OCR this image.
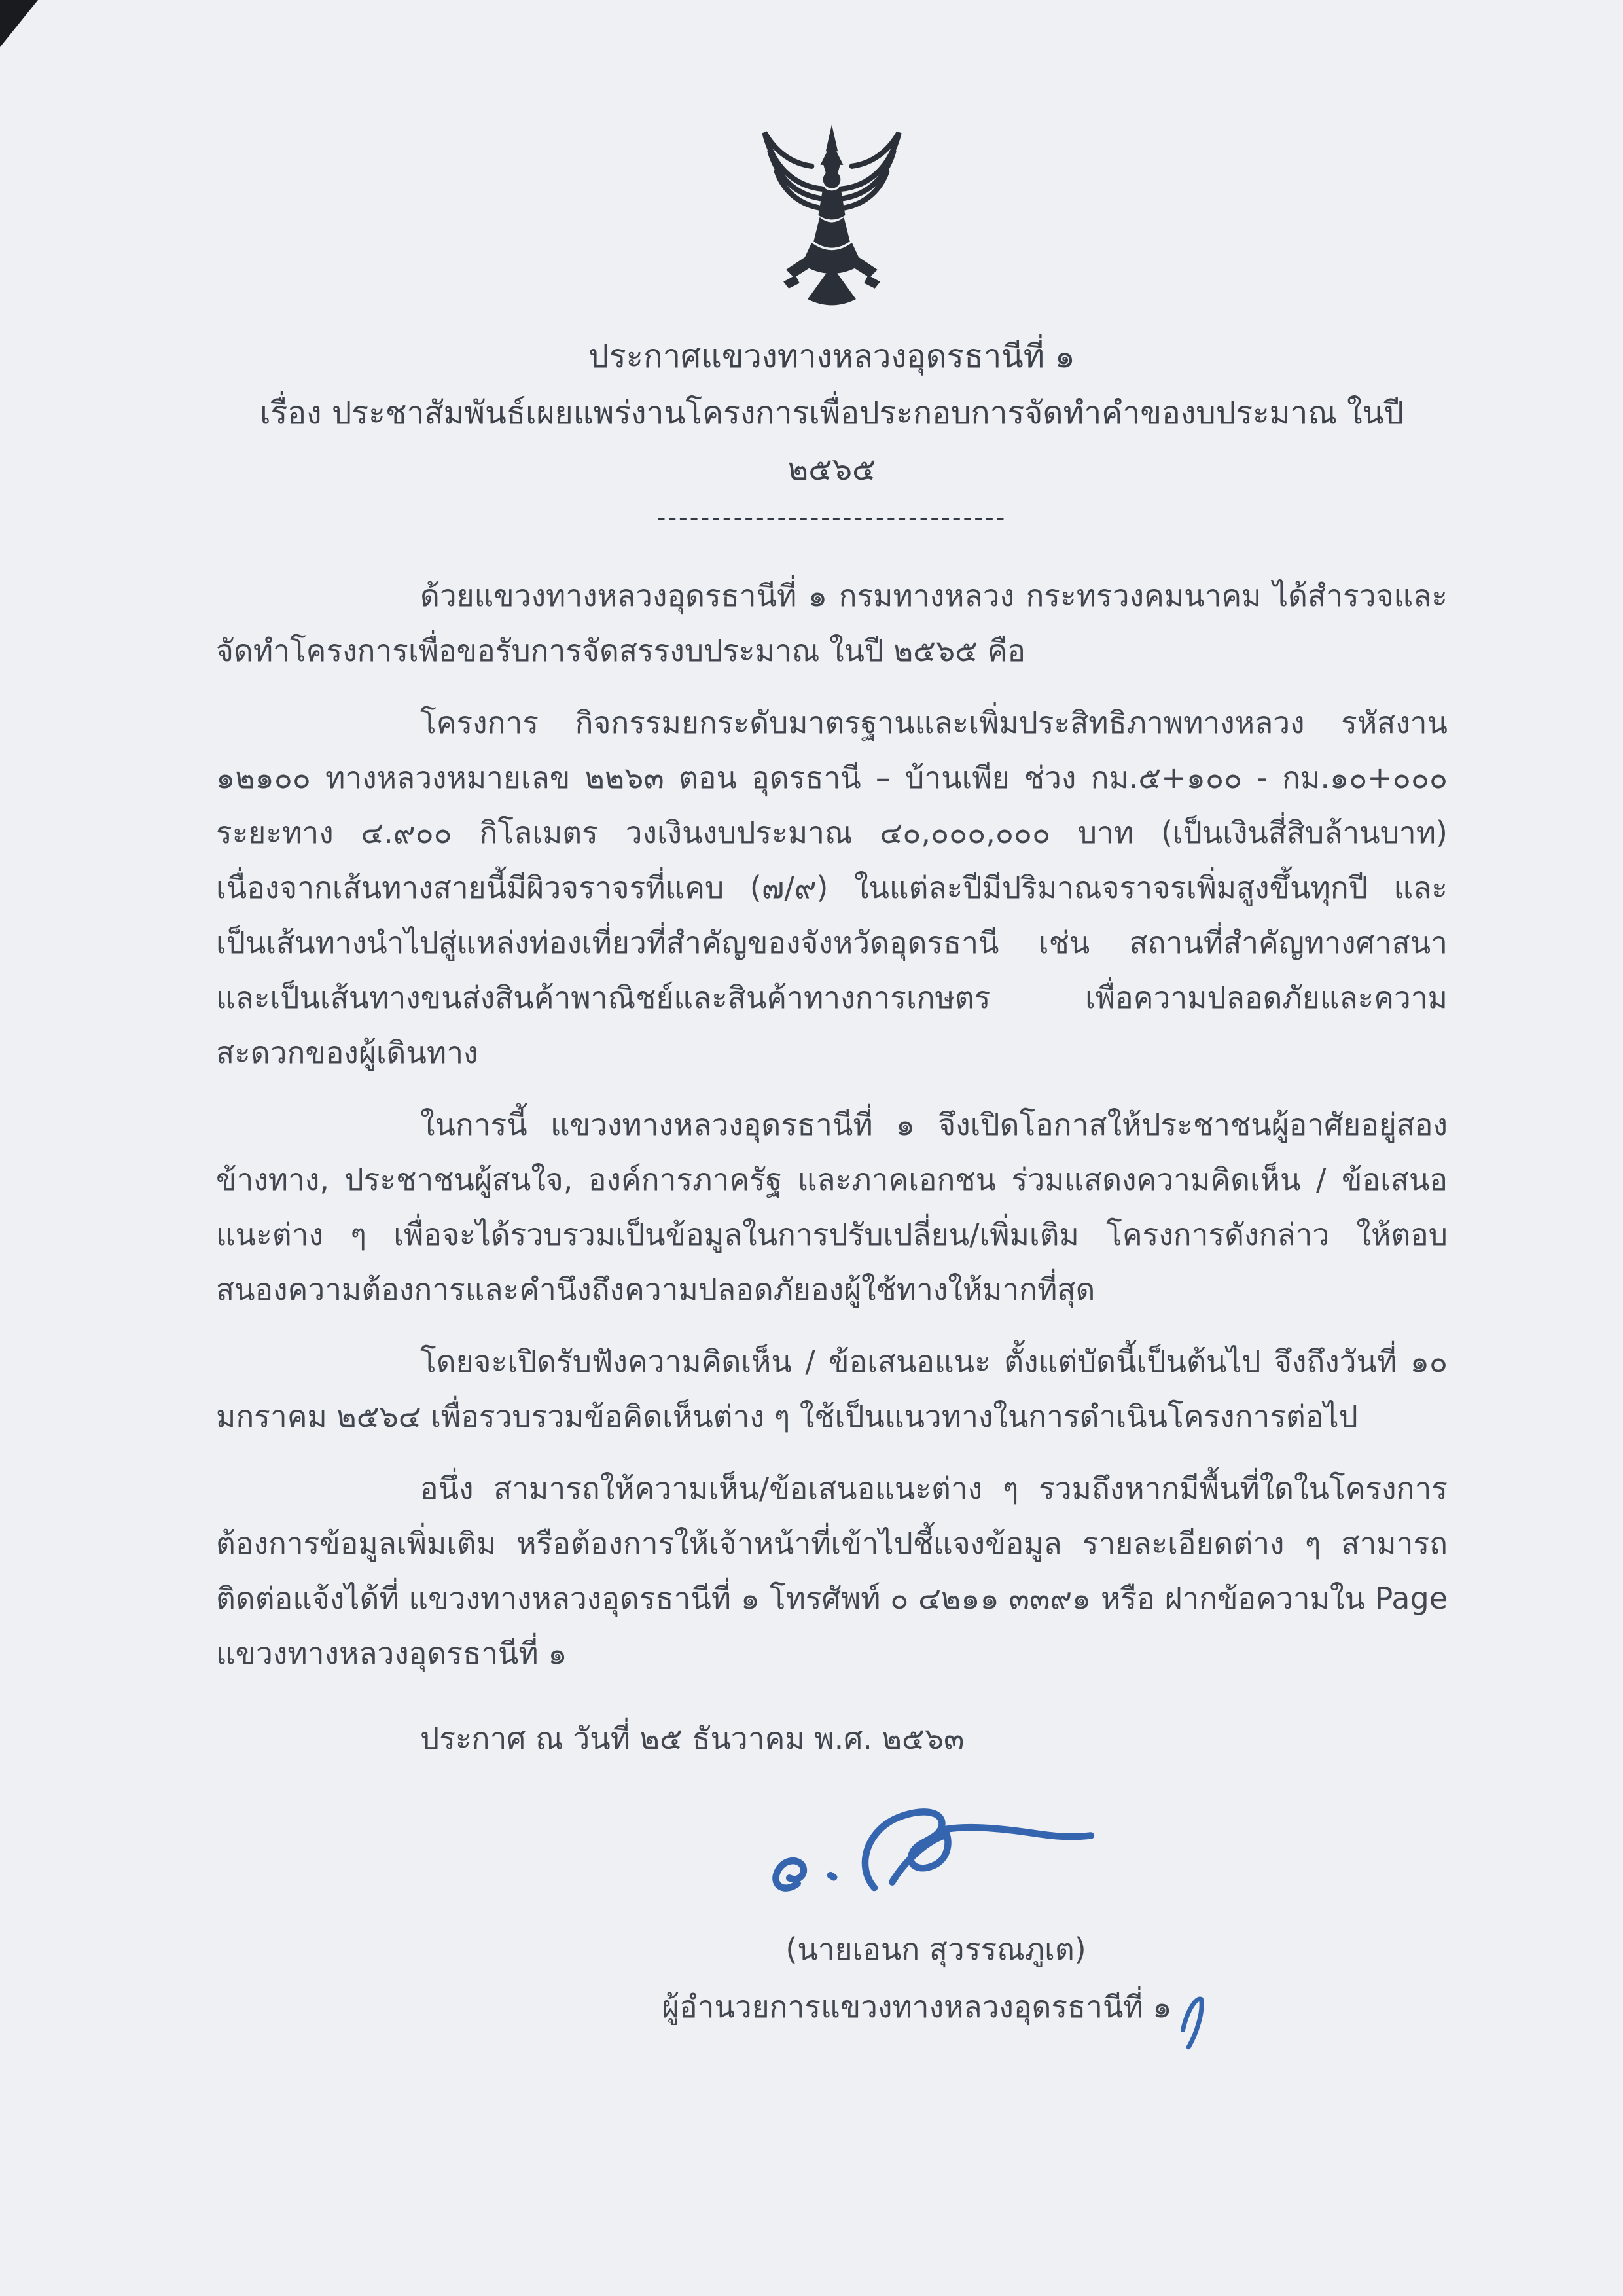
ประกาศแขวงทางหลวงอุดรธานีที่ ๑
เรื่อง ประชาสัมพันธ์เผยแพร่งานโครงการเพื่อประกอบการจัดทำคำของบประมาณ ในปี ๒๕๖๕
--------------------------------

ด้วยแขวงทางหลวงอุดรธานีที่ ๑ กรมทางหลวง กระทรวงคมนาคม ได้สำรวจและจัดทำโครงการเพื่อขอรับการจัดสรรงบประมาณ ในปี ๒๕๖๕ คือ

โครงการ กิจกรรมยกระดับมาตรฐานและเพิ่มประสิทธิภาพทางหลวง รหัสงาน ๑๒๑๐๐ ทางหลวงหมายเลข ๒๒๖๓ ตอน อุดรธานี – บ้านเพีย ช่วง กม.๕+๑๐๐ - กม.๑๐+๐๐๐ ระยะทาง ๔.๙๐๐ กิโลเมตร วงเงินงบประมาณ ๔๐,๐๐๐,๐๐๐ บาท (เป็นเงินสี่สิบล้านบาท) เนื่องจากเส้นทางสายนี้มีผิวจราจรที่แคบ (๗/๙) ในแต่ละปีมีปริมาณจราจรเพิ่มสูงขึ้นทุกปี และเป็นเส้นทางนำไปสู่แหล่งท่องเที่ยวที่สำคัญของจังหวัดอุดรธานี เช่น สถานที่สำคัญทางศาสนา และเป็นเส้นทางขนส่งสินค้าพาณิชย์และสินค้าทางการเกษตร เพื่อความปลอดภัยและความสะดวกของผู้เดินทาง

ในการนี้ แขวงทางหลวงอุดรธานีที่ ๑ จึงเปิดโอกาสให้ประชาชนผู้อาศัยอยู่สองข้างทาง, ประชาชนผู้สนใจ, องค์การภาครัฐ และภาคเอกชน ร่วมแสดงความคิดเห็น / ข้อเสนอแนะต่าง ๆ เพื่อจะได้รวบรวมเป็นข้อมูลในการปรับเปลี่ยน/เพิ่มเติม โครงการดังกล่าว ให้ตอบสนองความต้องการและคำนึงถึงความปลอดภัยองผู้ใช้ทางให้มากที่สุด

โดยจะเปิดรับฟังความคิดเห็น / ข้อเสนอแนะ ตั้งแต่บัดนี้เป็นต้นไป จึงถึงวันที่ ๑๐ มกราคม ๒๕๖๔ เพื่อรวบรวมข้อคิดเห็นต่าง ๆ ใช้เป็นแนวทางในการดำเนินโครงการต่อไป

อนึ่ง สามารถให้ความเห็น/ข้อเสนอแนะต่าง ๆ รวมถึงหากมีพื้นที่ใดในโครงการ ต้องการข้อมูลเพิ่มเติม หรือต้องการให้เจ้าหน้าที่เข้าไปชี้แจงข้อมูล รายละเอียดต่าง ๆ สามารถติดต่อแจ้งได้ที่ แขวงทางหลวงอุดรธานีที่ ๑ โทรศัพท์ ๐ ๔๒๑๑ ๓๓๙๑ หรือ ฝากข้อความใน Page แขวงทางหลวงอุดรธานีที่ ๑

ประกาศ ณ วันที่ ๒๕ ธันวาคม พ.ศ. ๒๕๖๓
(นายเอนก สุวรรณภูเต)
ผู้อำนวยการแขวงทางหลวงอุดรธานีที่ ๑
